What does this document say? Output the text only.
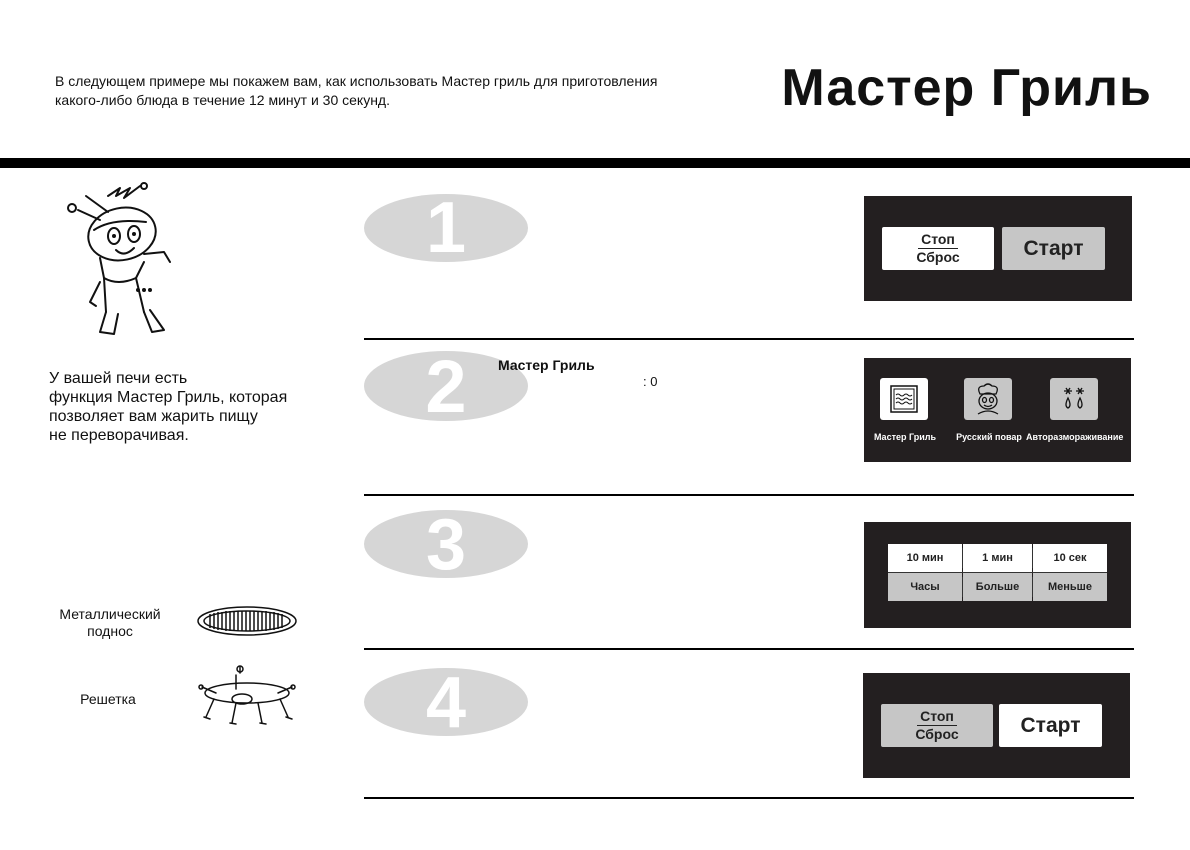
В следующем примере мы покажем вам, как использовать Мастер гриль для приготовления
какого-либо блюда в течение 12 минут и 30 секунд.	Мастер Гриль
У вашей печи есть
функция Мастер Гриль, которая
позволяет вам жарить пищу
не переворачивая.
Металлический
поднос
Решетка
1	Стоп
Сброс	Старт
2 Мастер Гриль
: 0
Мастер Гриль	Русский повар Авторазмораживание
3	10 мин	1 мин	10 сек
Часы	Больше	Меньше
4	Стоп
Сброс	Старт
